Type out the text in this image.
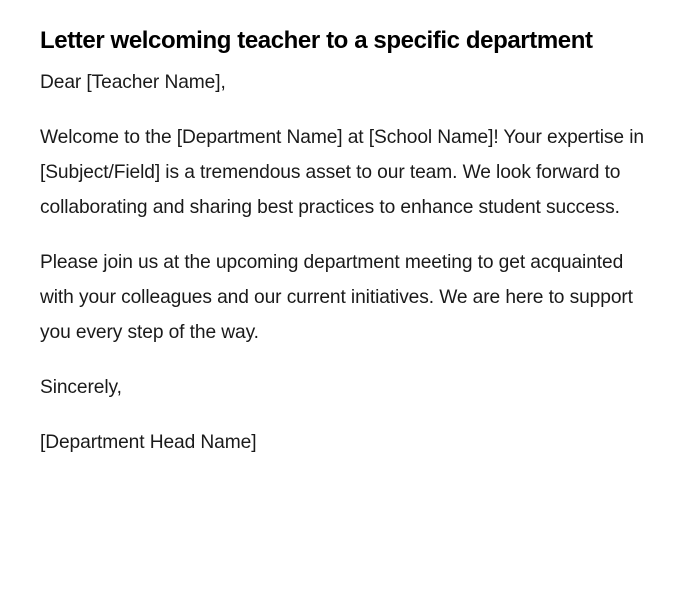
Letter welcoming teacher to a specific department

Dear [Teacher Name],

Welcome to the [Department Name] at [School Name]! Your expertise in [Subject/Field] is a tremendous asset to our team. We look forward to collaborating and sharing best practices to enhance student success.

Please join us at the upcoming department meeting to get acquainted with your colleagues and our current initiatives. We are here to support you every step of the way.

Sincerely,

[Department Head Name]
